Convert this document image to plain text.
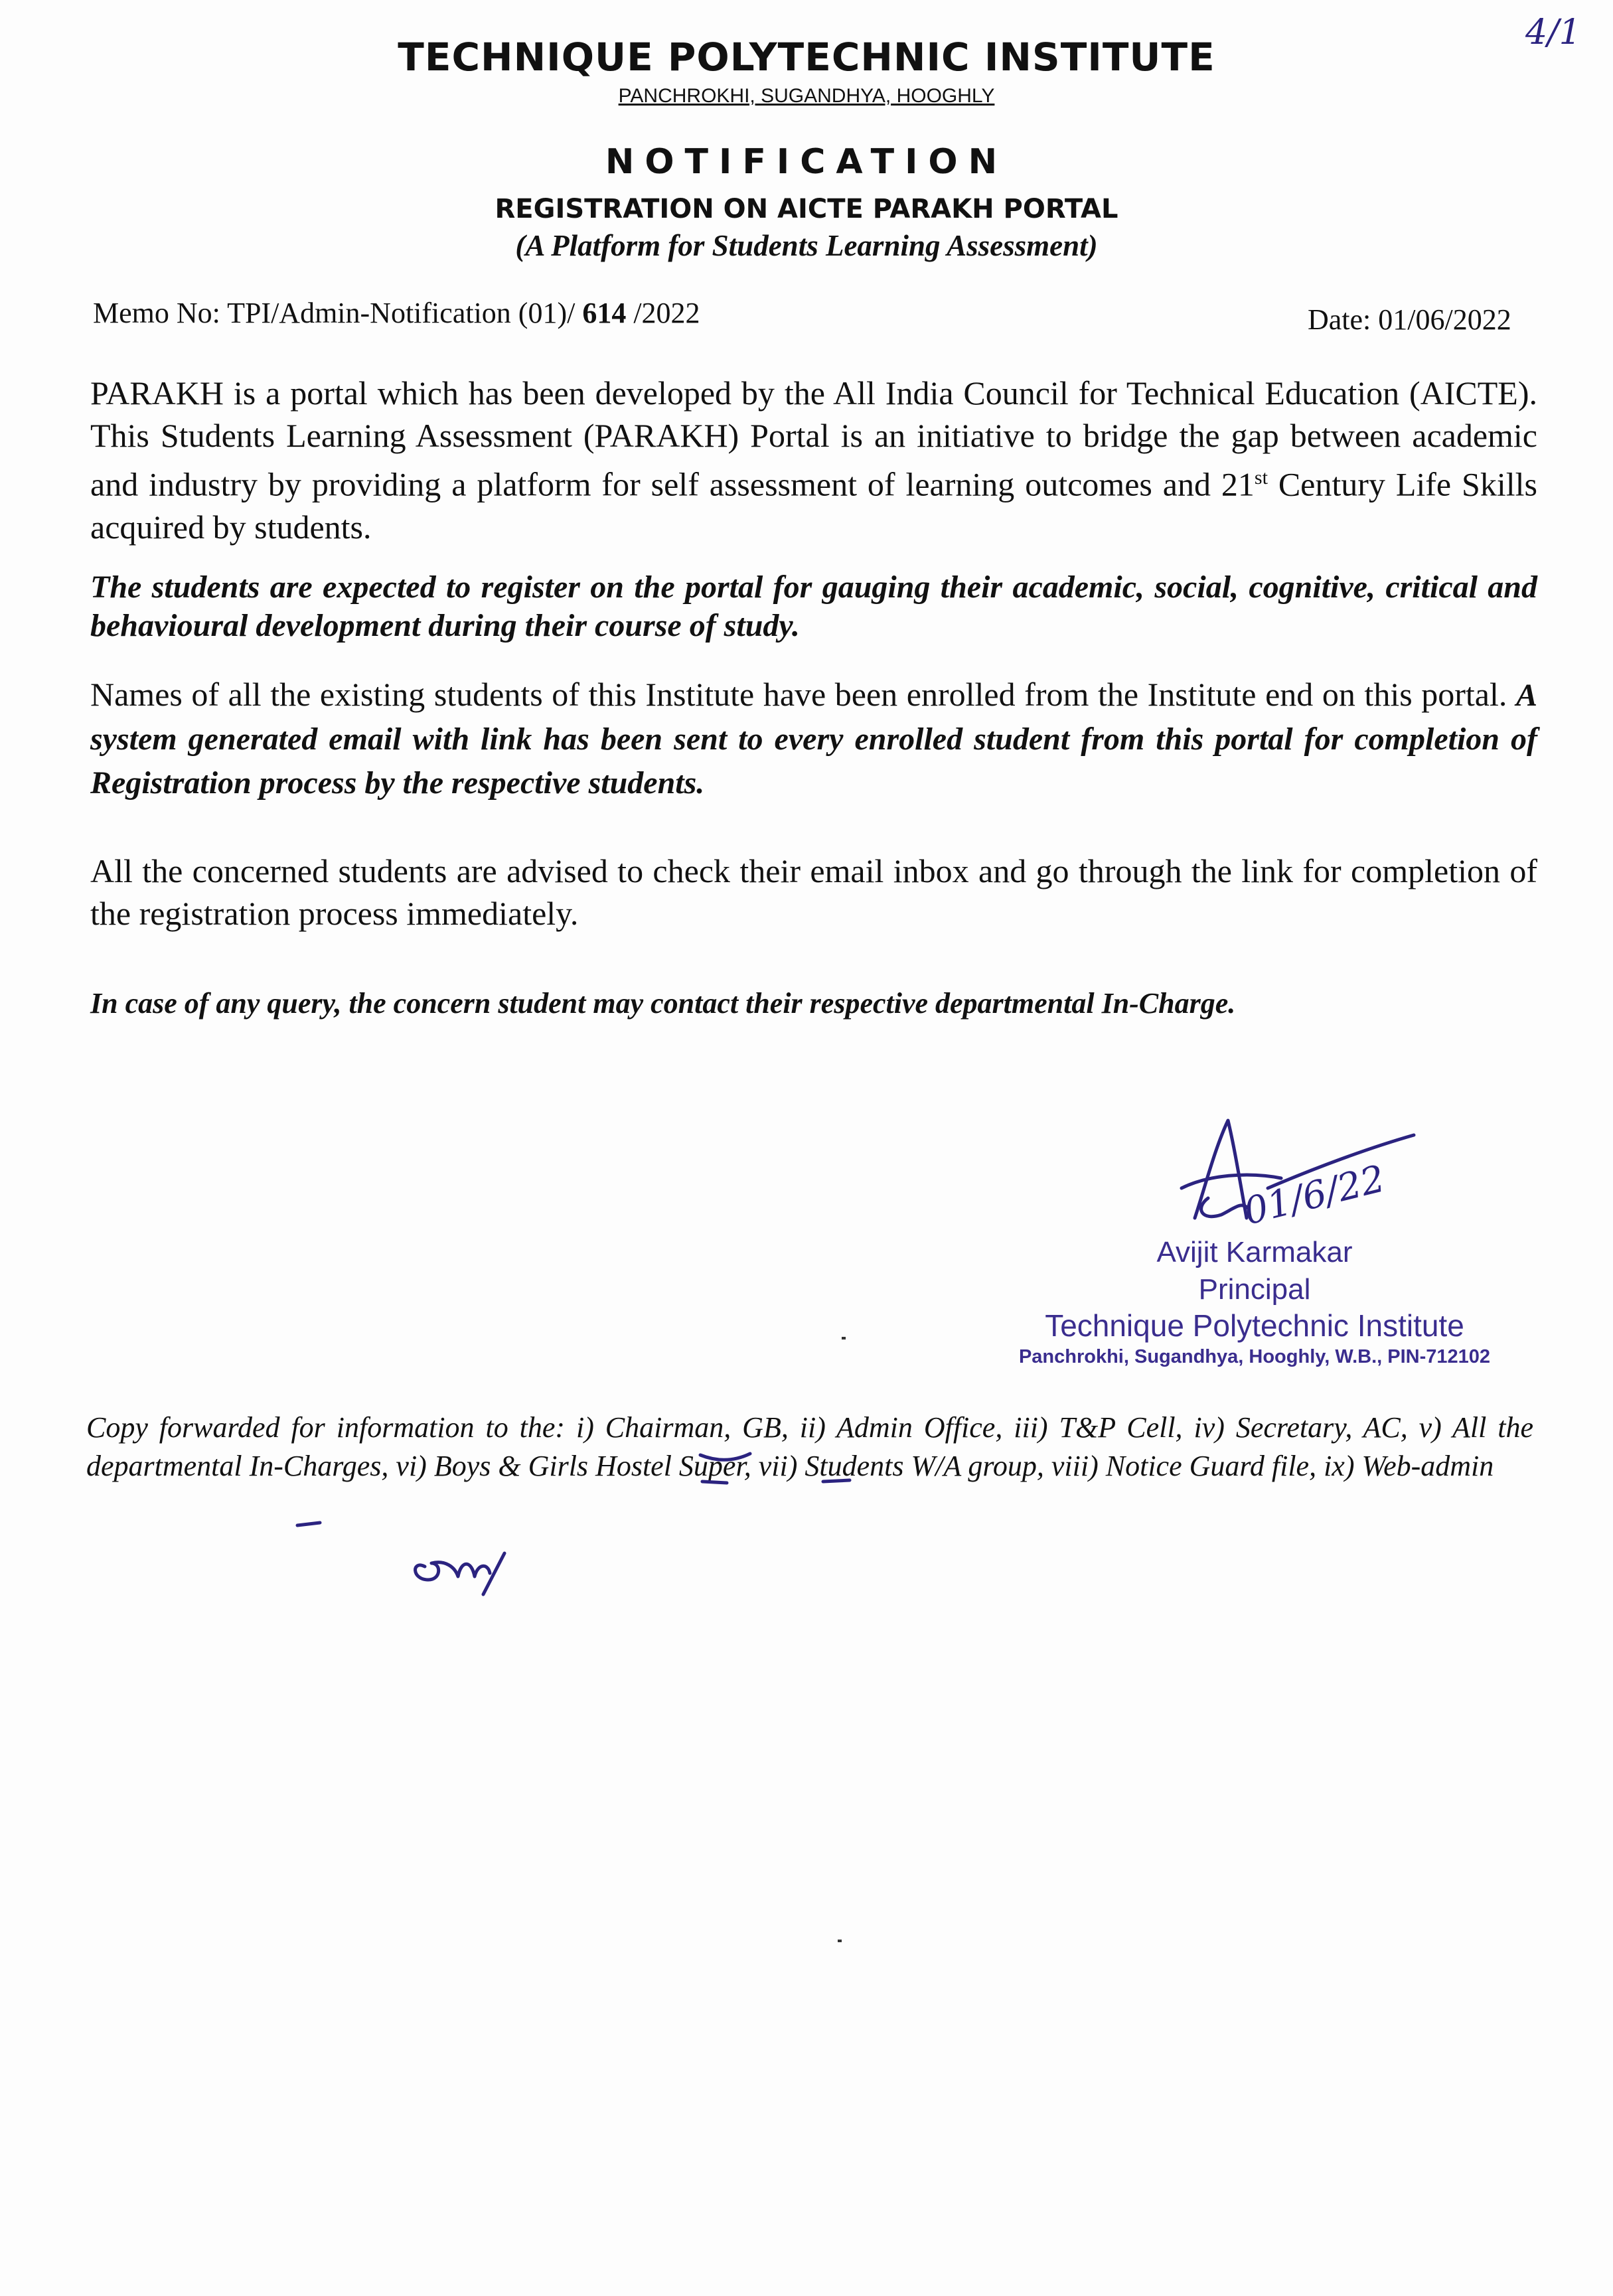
4/1
TECHNIQUE POLYTECHNIC INSTITUTE
PANCHROKHI, SUGANDHYA, HOOGHLY
NOTIFICATION
REGISTRATION ON AICTE PARAKH PORTAL
(A Platform for Students Learning Assessment)
Memo No: TPI/Admin-Notification (01)/ 614 /2022	Date: 01/06/2022
PARAKH is a portal which has been developed by the All India Council for Technical Education (AICTE). This Students Learning Assessment (PARAKH) Portal is an initiative to bridge the gap between academic and industry by providing a platform for self assessment of learning outcomes and 21st Century Life Skills acquired by students.
The students are expected to register on the portal for gauging their academic, social, cognitive, critical and behavioural development during their course of study.
Names of all the existing students of this Institute have been enrolled from the Institute end on this portal. A system generated email with link has been sent to every enrolled student from this portal for completion of Registration process by the respective students.
All the concerned students are advised to check their email inbox and go through the link for completion of the registration process immediately.
In case of any query, the concern student may contact their respective departmental In-Charge.
01/6/22
Avijit Karmakar
Principal
Technique Polytechnic Institute
Panchrokhi, Sugandhya, Hooghly, W.B., PIN-712102
Copy forwarded for information to the: i) Chairman, GB, ii) Admin Office, iii) T&P Cell, iv) Secretary, AC, v) All the departmental In-Charges, vi) Boys & Girls Hostel Super, vii) Students W/A group, viii) Notice Guard file, ix) Web-admin
